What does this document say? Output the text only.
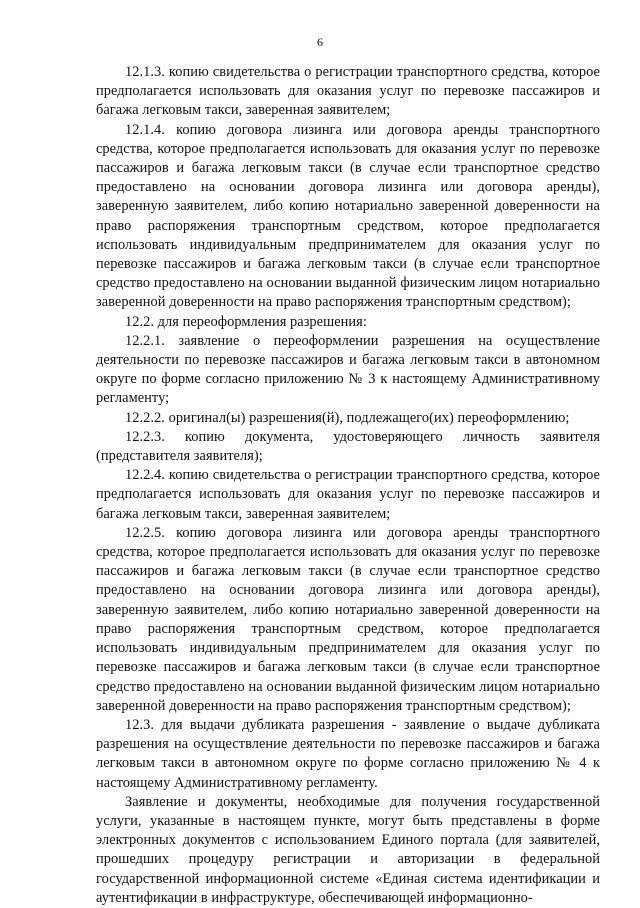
6

12.1.3. копию свидетельства о регистрации транспортного средства, которое предполагается использовать для оказания услуг по перевозке пассажиров и багажа легковым такси, заверенная заявителем;

12.1.4. копию договора лизинга или договора аренды транспортного средства, которое предполагается использовать для оказания услуг по перевозке пассажиров и багажа легковым такси (в случае если транспортное средство предоставлено на основании договора лизинга или договора аренды), заверенную заявителем, либо копию нотариально заверенной доверенности на право распоряжения транспортным средством, которое предполагается использовать индивидуальным предпринимателем для оказания услуг по перевозке пассажиров и багажа легковым такси (в случае если транспортное средство предоставлено на основании выданной физическим лицом нотариально заверенной доверенности на право распоряжения транспортным средством);

12.2. для переоформления разрешения:

12.2.1. заявление о переоформлении разрешения на осуществление деятельности по перевозке пассажиров и багажа легковым такси в автономном округе по форме согласно приложению № 3 к настоящему Административному регламенту;

12.2.2. оригинал(ы) разрешения(й), подлежащего(их) переоформлению;

12.2.3. копию документа, удостоверяющего личность заявителя (представителя заявителя);

12.2.4. копию свидетельства о регистрации транспортного средства, которое предполагается использовать для оказания услуг по перевозке пассажиров и багажа легковым такси, заверенная заявителем;

12.2.5. копию договора лизинга или договора аренды транспортного средства, которое предполагается использовать для оказания услуг по перевозке пассажиров и багажа легковым такси (в случае если транспортное средство предоставлено на основании договора лизинга или договора аренды), заверенную заявителем, либо копию нотариально заверенной доверенности на право распоряжения транспортным средством, которое предполагается использовать индивидуальным предпринимателем для оказания услуг по перевозке пассажиров и багажа легковым такси (в случае если транспортное средство предоставлено на основании выданной физическим лицом нотариально заверенной доверенности на право распоряжения транспортным средством);

12.3. для выдачи дубликата разрешения - заявление о выдаче дубликата разрешения на осуществление деятельности по перевозке пассажиров и багажа легковым такси в автономном округе по форме согласно приложению № 4 к настоящему Административному регламенту.

Заявление и документы, необходимые для получения государственной услуги, указанные в настоящем пункте, могут быть представлены в форме электронных документов с использованием Единого портала (для заявителей, прошедших процедуру регистрации и авторизации в федеральной государственной информационной системе «Единая система идентификации и аутентификации в инфраструктуре, обеспечивающей информационно-
